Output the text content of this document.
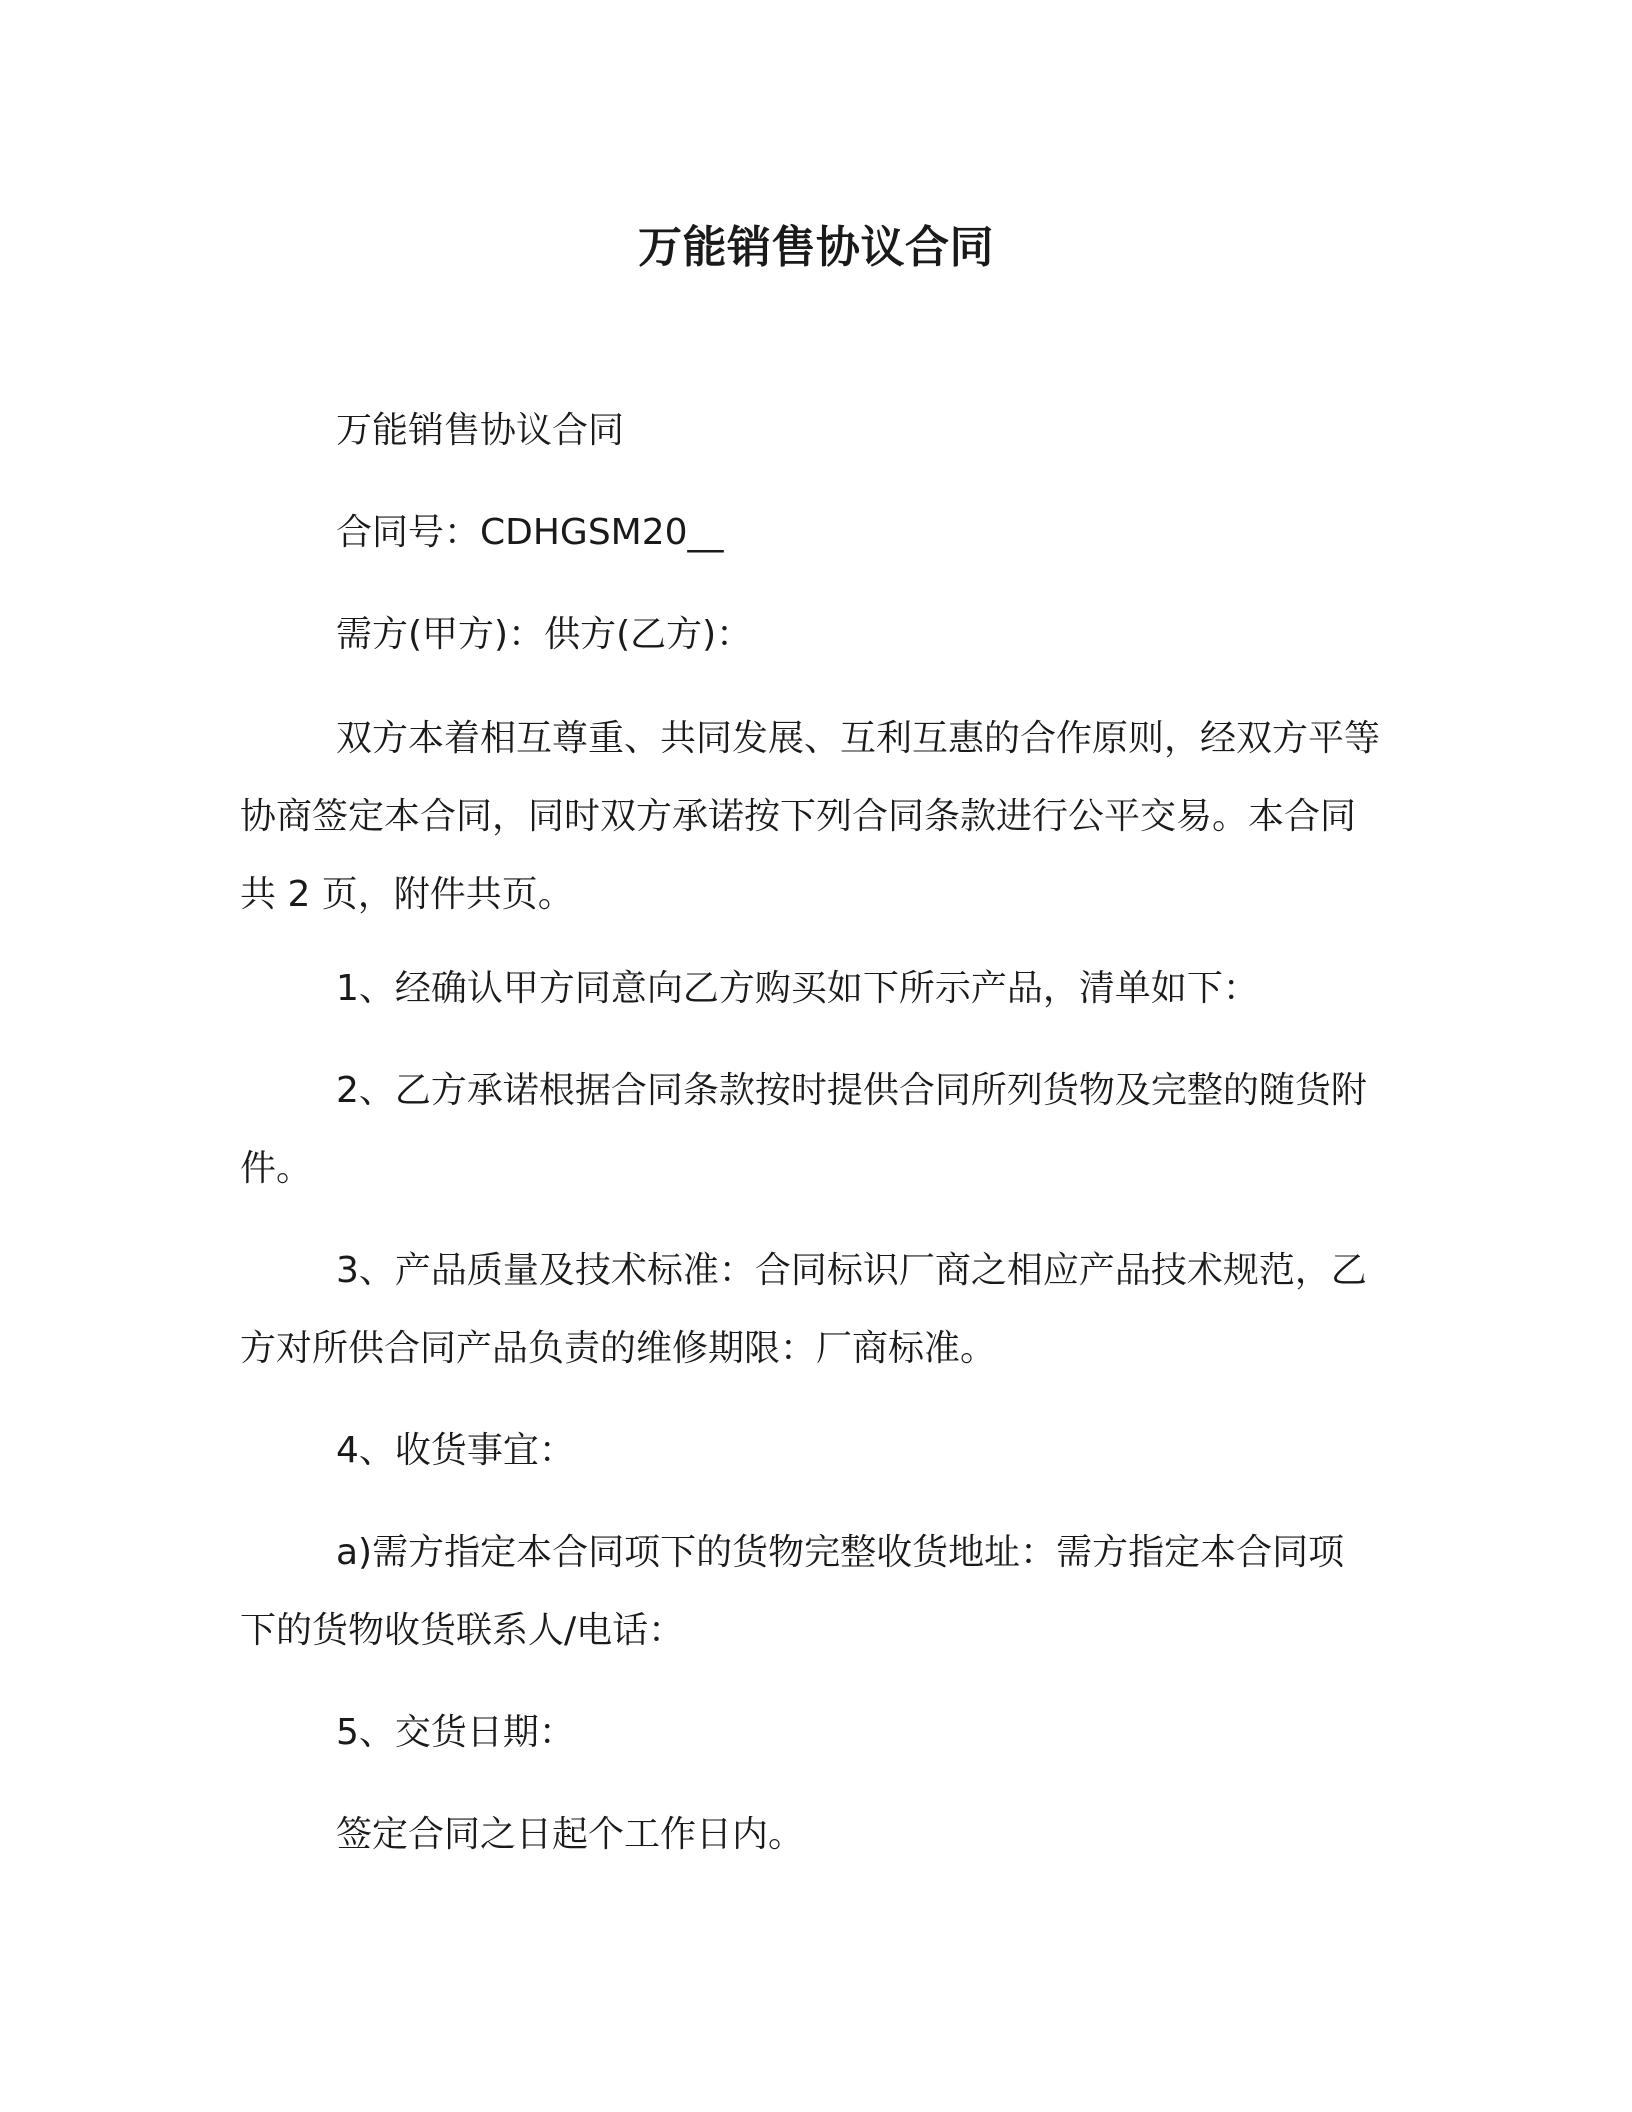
万能销售协议合同

万能销售协议合同

合同号：CDHGSM20__

需方(甲方)：供方(乙方)：

双方本着相互尊重、共同发展、互利互惠的合作原则，经双方平等协商签定本合同，同时双方承诺按下列合同条款进行公平交易。本合同共 2 页，附件共页。

1、经确认甲方同意向乙方购买如下所示产品，清单如下：

2、乙方承诺根据合同条款按时提供合同所列货物及完整的随货附件。

3、产品质量及技术标准：合同标识厂商之相应产品技术规范，乙方对所供合同产品负责的维修期限：厂商标准。

4、收货事宜：

a)需方指定本合同项下的货物完整收货地址：需方指定本合同项下的货物收货联系人/电话：

5、交货日期：

签定合同之日起个工作日内。
